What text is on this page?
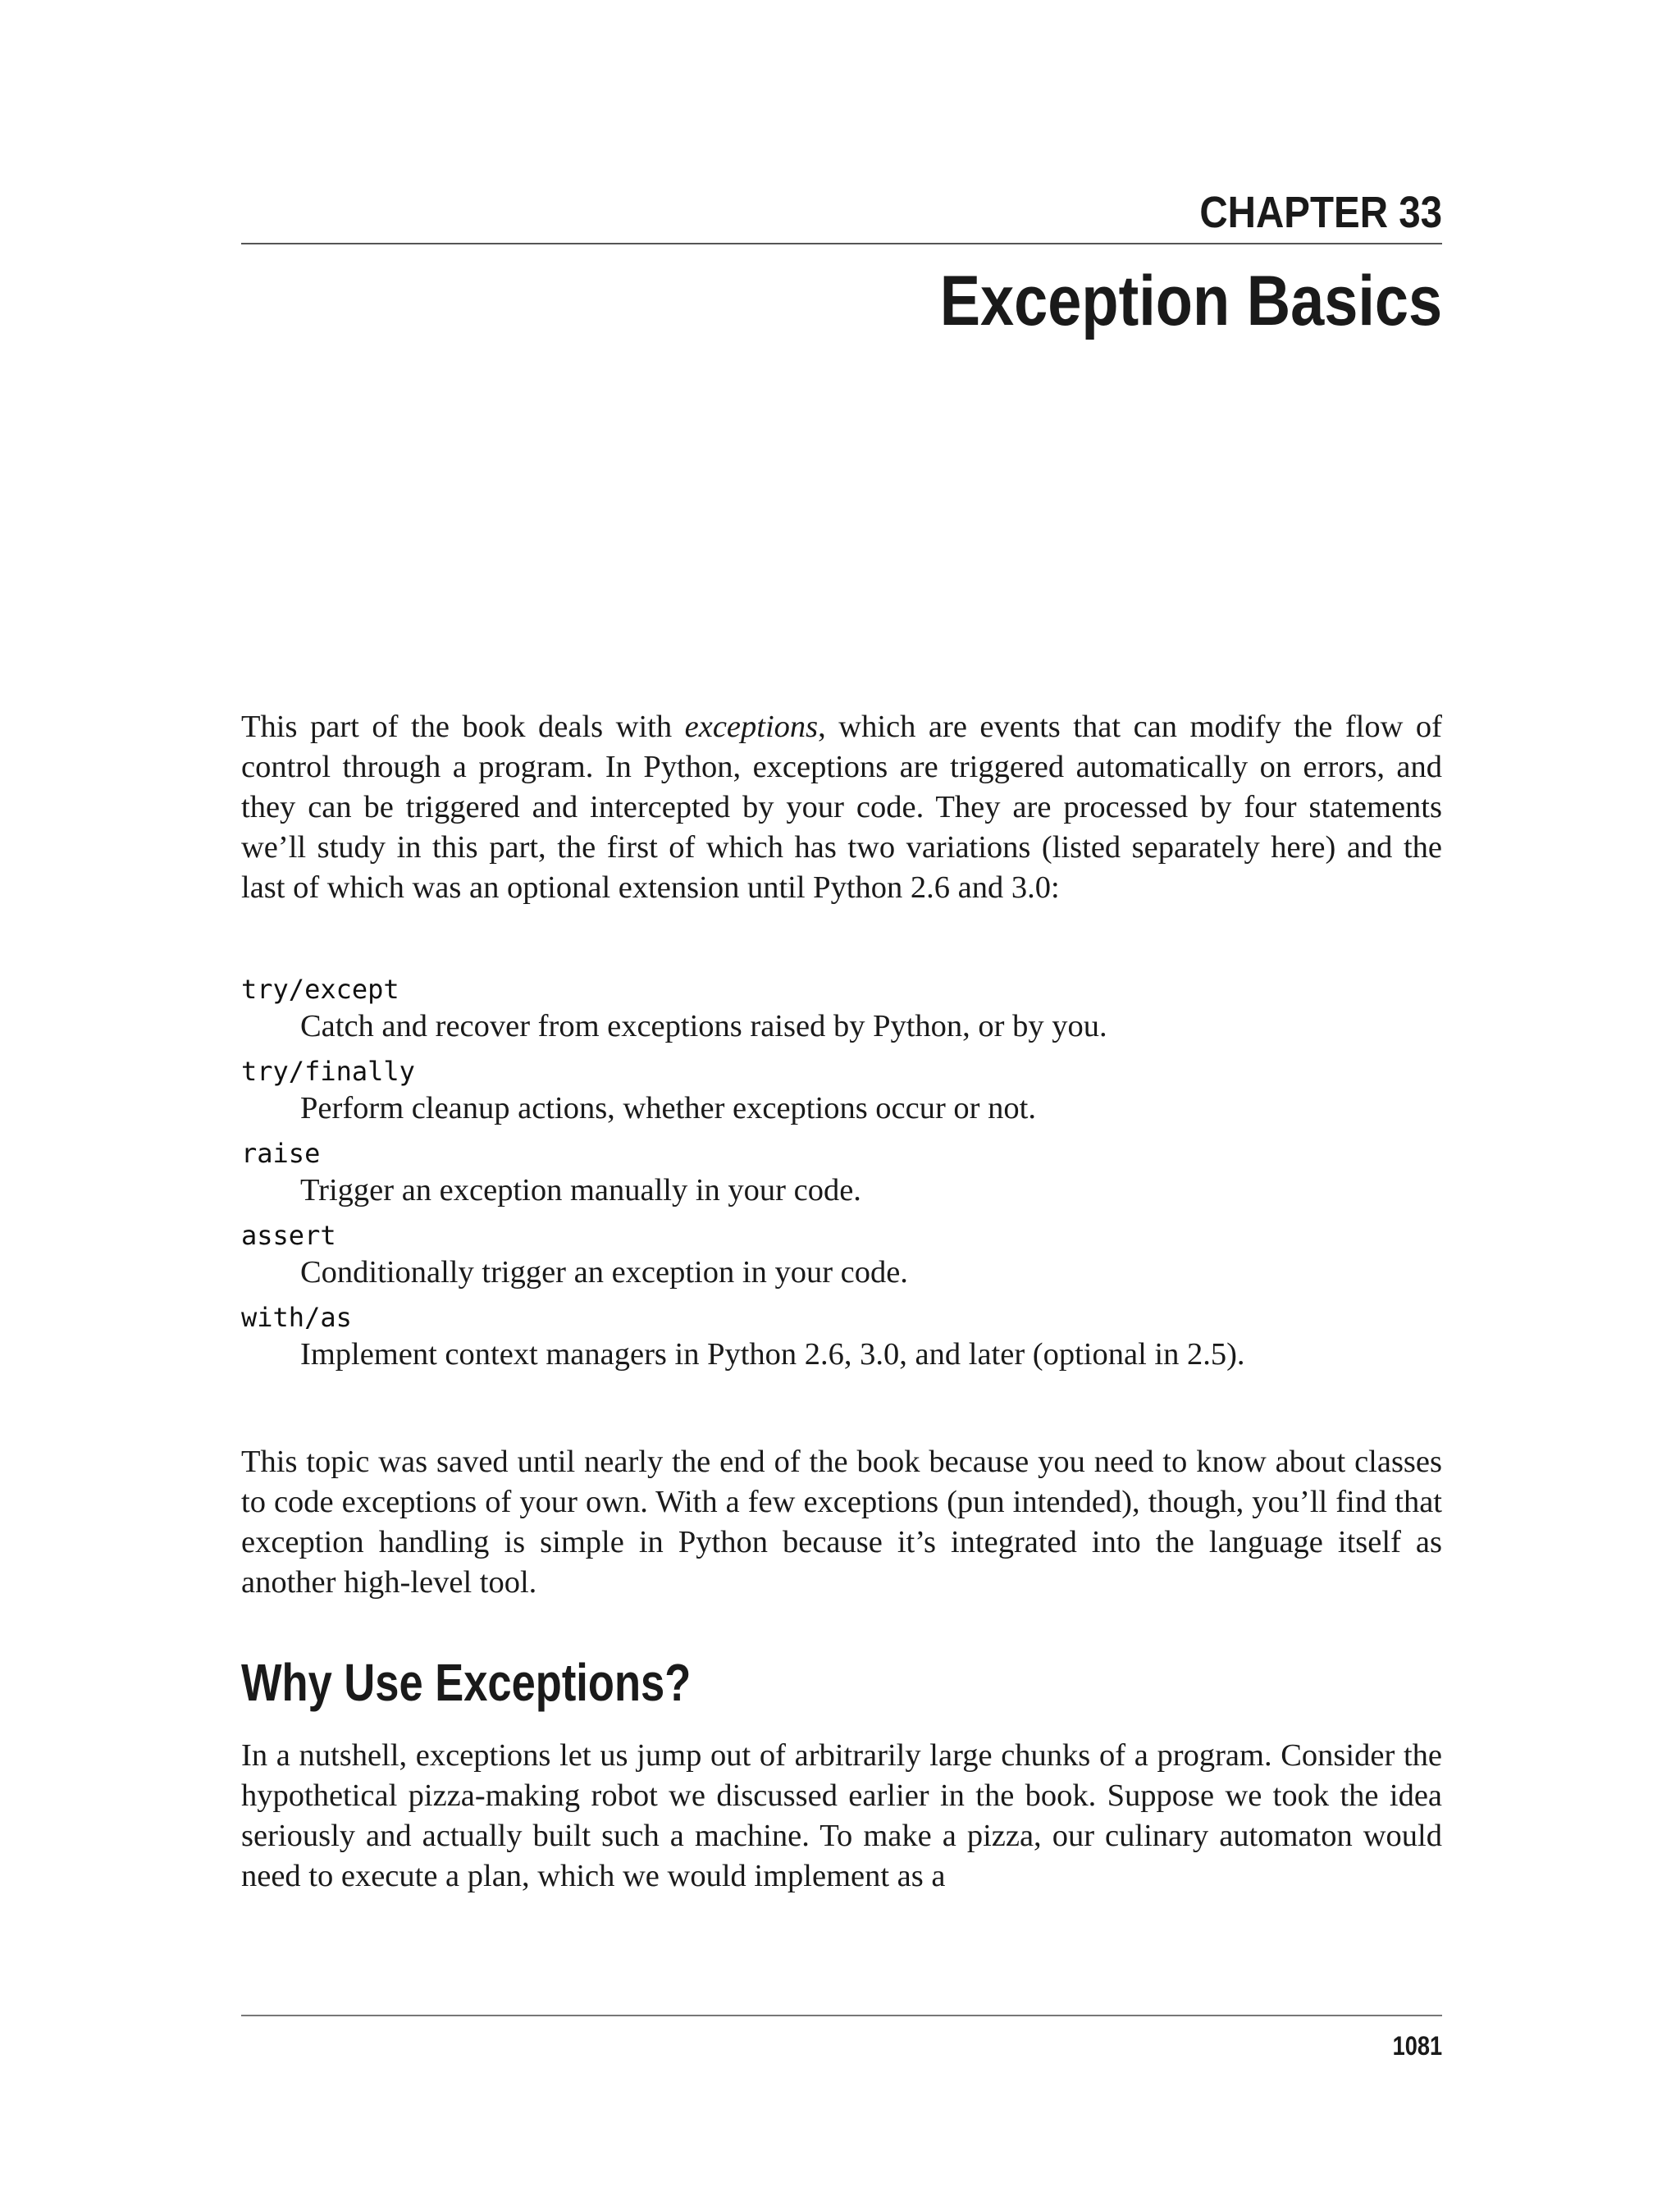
CHAPTER 33
Exception Basics

This part of the book deals with exceptions, which are events that can modify the flow of control through a program. In Python, exceptions are triggered automatically on errors, and they can be triggered and intercepted by your code. They are processed by four statements we’ll study in this part, the first of which has two variations (listed separately here) and the last of which was an optional extension until Python 2.6 and 3.0:

try/except
Catch and recover from exceptions raised by Python, or by you.
try/finally
Perform cleanup actions, whether exceptions occur or not.
raise
Trigger an exception manually in your code.
assert
Conditionally trigger an exception in your code.
with/as
Implement context managers in Python 2.6, 3.0, and later (optional in 2.5).

This topic was saved until nearly the end of the book because you need to know about classes to code exceptions of your own. With a few exceptions (pun intended), though, you’ll find that exception handling is simple in Python because it’s integrated into the language itself as another high-level tool.

Why Use Exceptions?

In a nutshell, exceptions let us jump out of arbitrarily large chunks of a program. Consider the hypothetical pizza-making robot we discussed earlier in the book. Suppose we took the idea seriously and actually built such a machine. To make a pizza, our culinary automaton would need to execute a plan, which we would implement as a

1081
